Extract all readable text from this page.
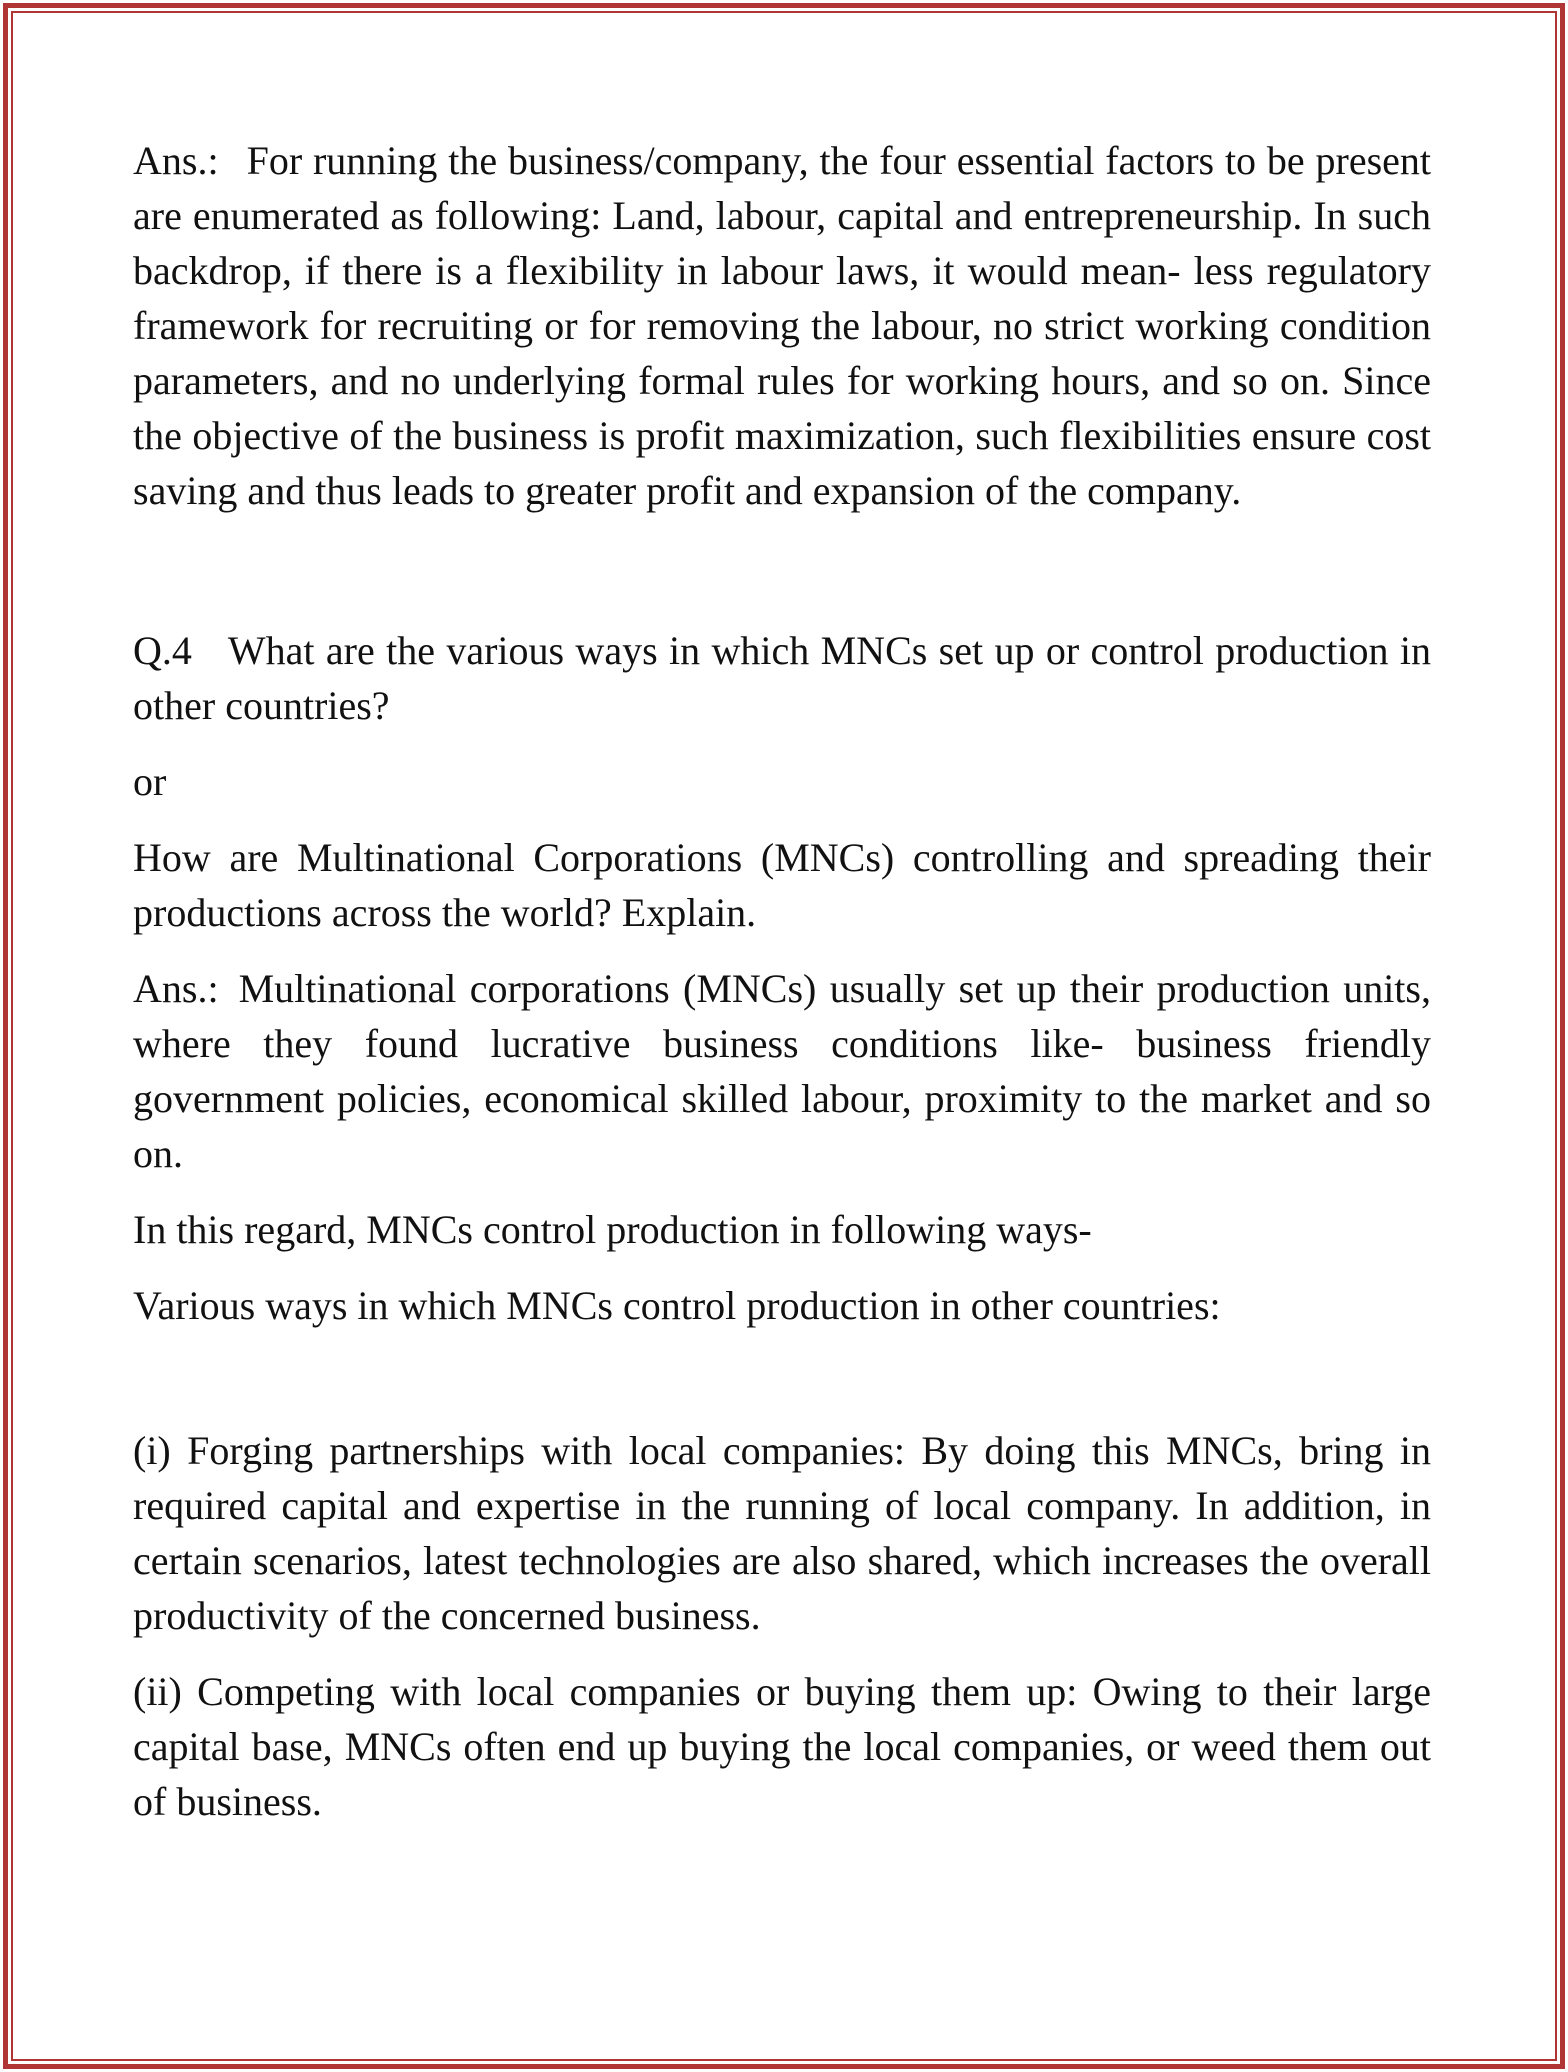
Ans.: For running the business/company, the four essential factors to be present are enumerated as following: Land, labour, capital and entrepreneurship. In such backdrop, if there is a flexibility in labour laws, it would mean- less regulatory framework for recruiting or for removing the labour, no strict working condition parameters, and no underlying formal rules for working hours, and so on. Since the objective of the business is profit maximization, such flexibilities ensure cost saving and thus leads to greater profit and expansion of the company.

Q.4 What are the various ways in which MNCs set up or control production in other countries?

or

How are Multinational Corporations (MNCs) controlling and spreading their productions across the world? Explain.

Ans.: Multinational corporations (MNCs) usually set up their production units, where they found lucrative business conditions like- business friendly government policies, economical skilled labour, proximity to the market and so on.

In this regard, MNCs control production in following ways-

Various ways in which MNCs control production in other countries:

(i) Forging partnerships with local companies: By doing this MNCs, bring in required capital and expertise in the running of local company. In addition, in certain scenarios, latest technologies are also shared, which increases the overall productivity of the concerned business.

(ii) Competing with local companies or buying them up: Owing to their large capital base, MNCs often end up buying the local companies, or weed them out of business.
